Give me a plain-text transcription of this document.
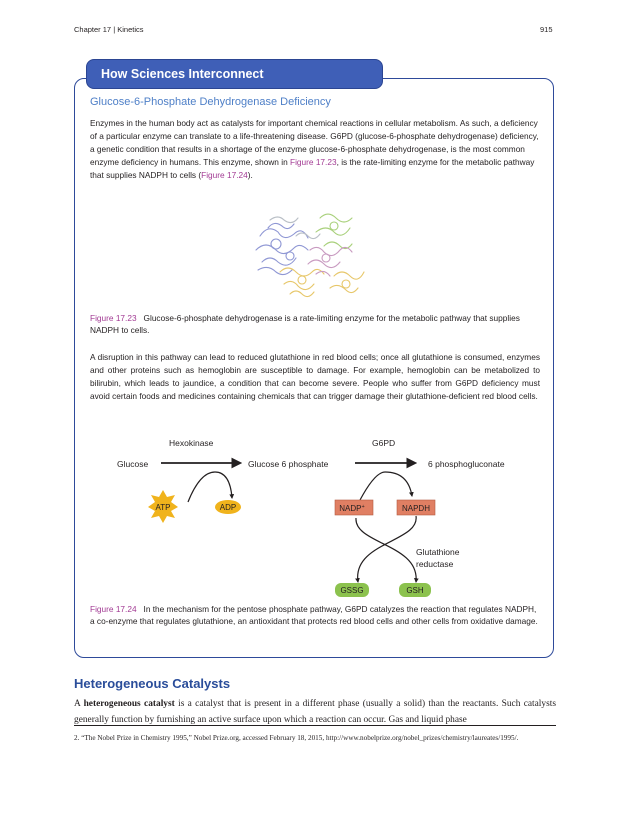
Chapter 17 | Kinetics	915
How Sciences Interconnect
Glucose-6-Phosphate Dehydrogenase Deficiency
Enzymes in the human body act as catalysts for important chemical reactions in cellular metabolism. As such, a deficiency of a particular enzyme can translate to a life-threatening disease. G6PD (glucose-6-phosphate dehydrogenase) deficiency, a genetic condition that results in a shortage of the enzyme glucose-6-phosphate dehydrogenase, is the most common enzyme deficiency in humans. This enzyme, shown in Figure 17.23, is the rate-limiting enzyme for the metabolic pathway that supplies NADPH to cells (Figure 17.24).
Figure 17.23 Glucose-6-phosphate dehydrogenase is a rate-limiting enzyme for the metabolic pathway that supplies NADPH to cells.
A disruption in this pathway can lead to reduced glutathione in red blood cells; once all glutathione is consumed, enzymes and other proteins such as hemoglobin are susceptible to damage. For example, hemoglobin can be metabolized to bilirubin, which leads to jaundice, a condition that can become severe. People who suffer from G6PD deficiency must avoid certain foods and medicines containing chemicals that can trigger damage their glutathione-deficient red blood cells.
Hexokinase	G6PD
Glucose	Glucose 6 phosphate	6 phosphogluconate
ATP	ADP	NADP+	NAPDH
Glutathione
reductase
GSSG	GSH
Figure 17.24 In the mechanism for the pentose phosphate pathway, G6PD catalyzes the reaction that regulates NADPH, a co-enzyme that regulates glutathione, an antioxidant that protects red blood cells and other cells from oxidative damage.
Heterogeneous Catalysts
A heterogeneous catalyst is a catalyst that is present in a different phase (usually a solid) than the reactants. Such catalysts generally function by furnishing an active surface upon which a reaction can occur. Gas and liquid phase
2. “The Nobel Prize in Chemistry 1995,” Nobel Prize.org, accessed February 18, 2015, http://www.nobelprize.org/nobel_prizes/chemistry/laureates/1995/.
